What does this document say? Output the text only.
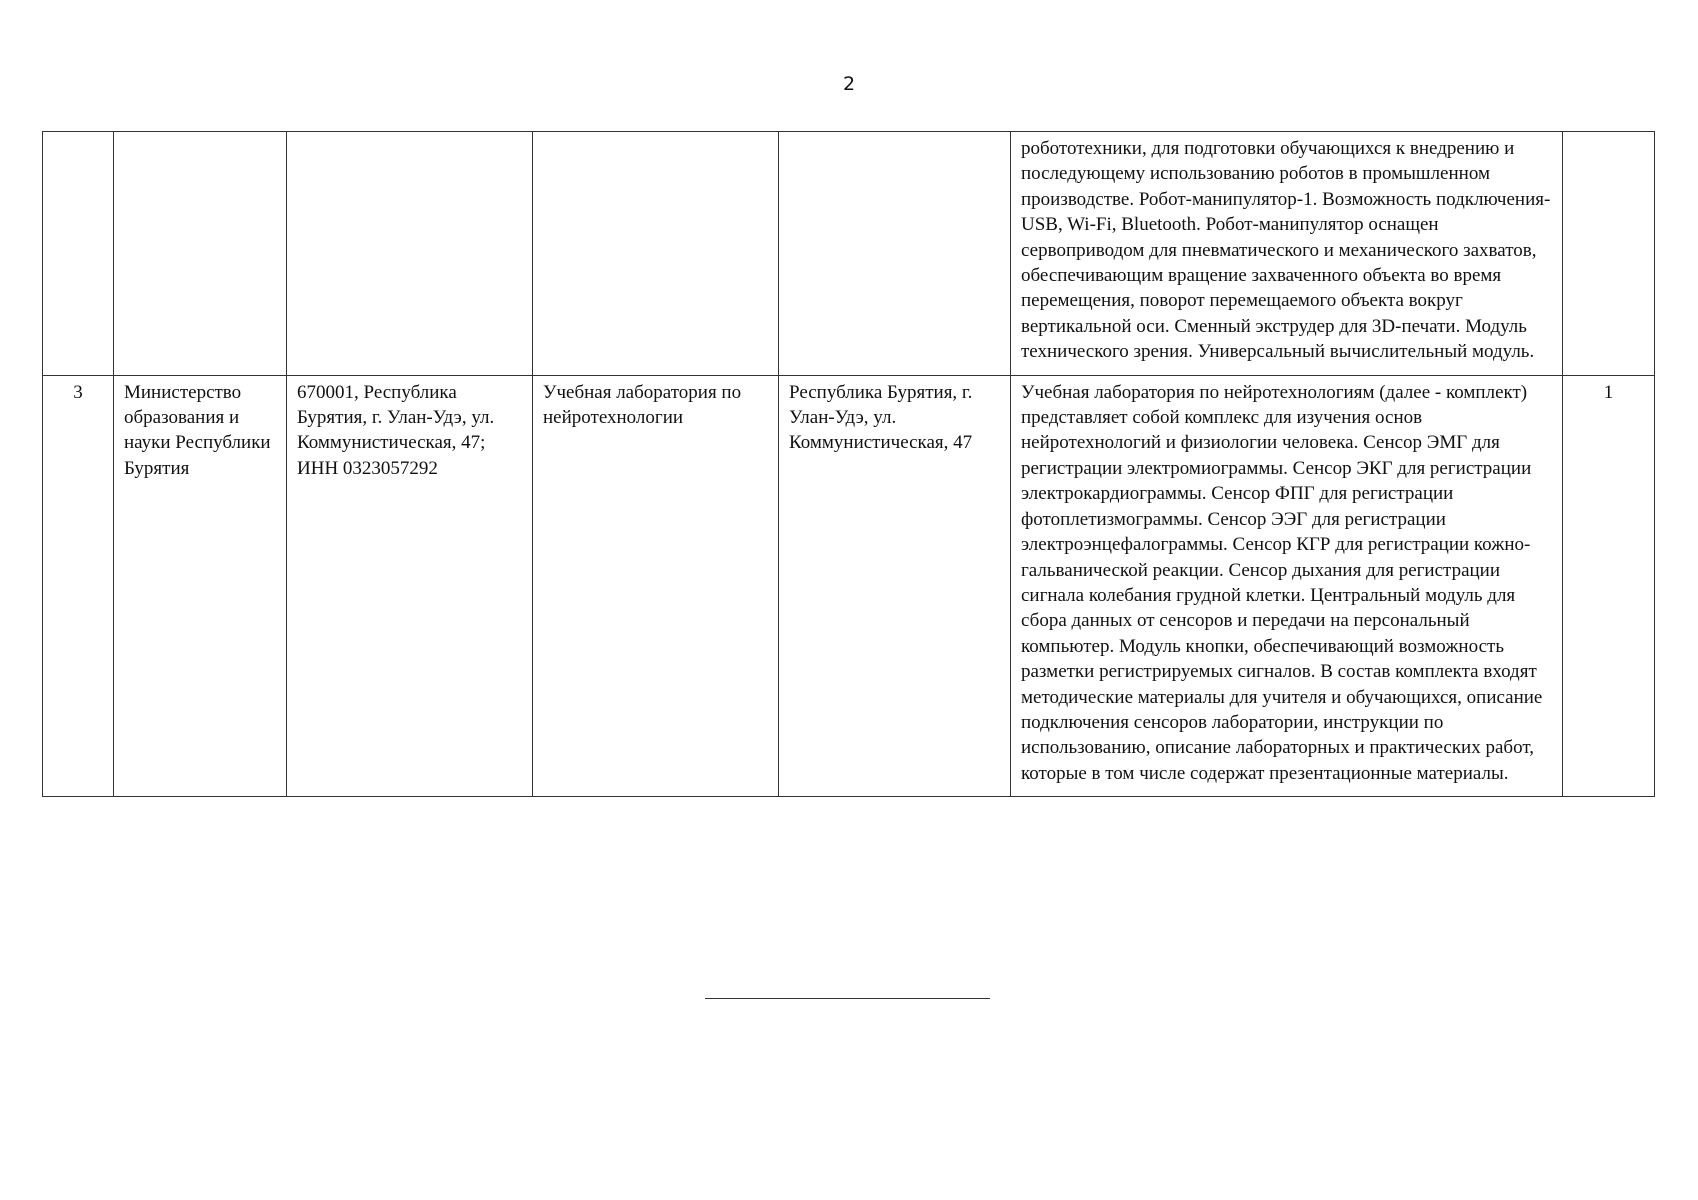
2
					робототехники, для подготовки обучающихся к внедрению и последующему использованию роботов в промышленном производстве. Робот-манипулятор-1. Возможность подключения- USB, Wi-Fi, Bluetooth. Робот-манипулятор оснащен сервоприводом для пневматического и механического захватов, обеспечивающим вращение захваченного объекта во время перемещения, поворот перемещаемого объекта вокруг вертикальной оси. Сменный экструдер для 3D-печати. Модуль технического зрения. Универсальный вычислительный модуль.	
3	Министерство образования и науки Республики Бурятия	670001, Республика Бурятия, г. Улан-Удэ, ул. Коммунистическая, 47; ИНН 0323057292	Учебная лаборатория по нейротехнологии	Республика Бурятия, г. Улан-Удэ, ул. Коммунистическая, 47	Учебная лаборатория по нейротехнологиям (далее - комплект) представляет собой комплекс для изучения основ нейротехнологий и физиологии человека. Сенсор ЭМГ для регистрации электромиограммы. Сенсор ЭКГ для регистрации электрокардиограммы. Сенсор ФПГ для регистрации фотоплетизмограммы. Сенсор ЭЭГ для регистрации электроэнцефалограммы. Сенсор КГР для регистрации кожно-гальванической реакции. Сенсор дыхания для регистрации сигнала колебания грудной клетки. Центральный модуль для сбора данных от сенсоров и передачи на персональный компьютер. Модуль кнопки, обеспечивающий возможность разметки регистрируемых сигналов. В состав комплекта входят методические материалы для учителя и обучающихся, описание подключения сенсоров лаборатории, инструкции по использованию, описание лабораторных и практических работ, которые в том числе содержат презентационные материалы.	1
